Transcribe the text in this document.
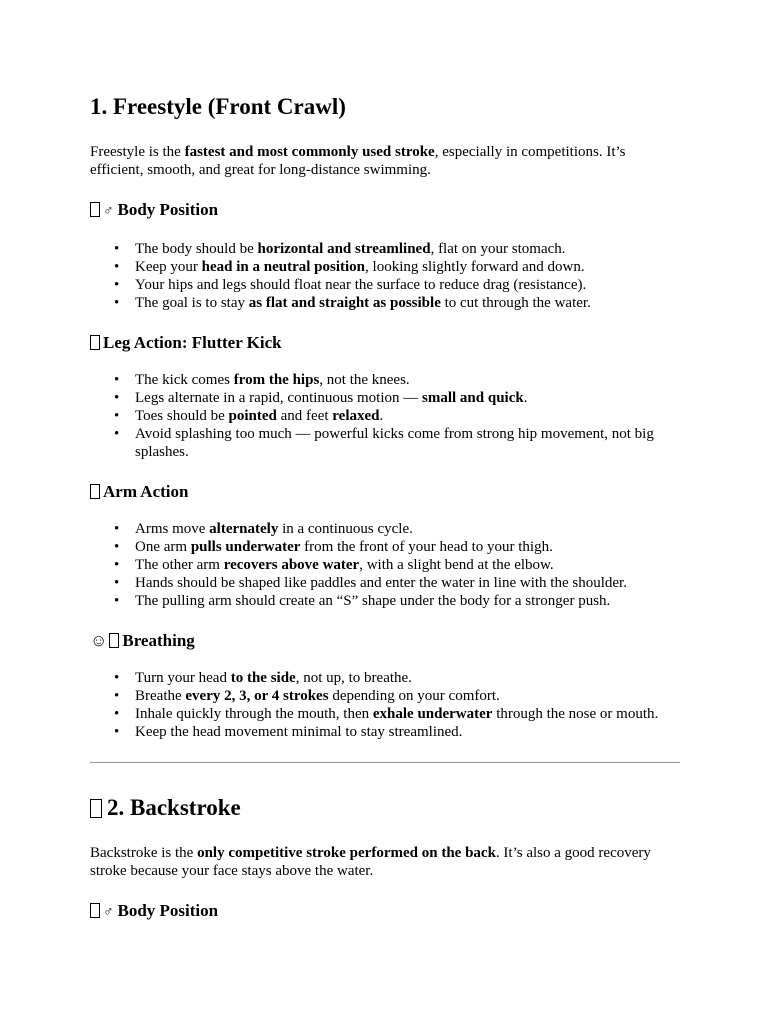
1. Freestyle (Front Crawl)

Freestyle is the fastest and most commonly used stroke, especially in competitions. It’s efficient, smooth, and great for long-distance swimming.

♂ Body Position
• The body should be horizontal and streamlined, flat on your stomach.
• Keep your head in a neutral position, looking slightly forward and down.
• Your hips and legs should float near the surface to reduce drag (resistance).
• The goal is to stay as flat and straight as possible to cut through the water.
Leg Action: Flutter Kick
• The kick comes from the hips, not the knees.
• Legs alternate in a rapid, continuous motion — small and quick.
• Toes should be pointed and feet relaxed.
• Avoid splashing too much — powerful kicks come from strong hip movement, not big splashes.
Arm Action
• Arms move alternately in a continuous cycle.
• One arm pulls underwater from the front of your head to your thigh.
• The other arm recovers above water, with a slight bend at the elbow.
• Hands should be shaped like paddles and enter the water in line with the shoulder.
• The pulling arm should create an “S” shape under the body for a stronger push.
☺ Breathing
• Turn your head to the side, not up, to breathe.
• Breathe every 2, 3, or 4 strokes depending on your comfort.
• Inhale quickly through the mouth, then exhale underwater through the nose or mouth.
• Keep the head movement minimal to stay streamlined.
2. Backstroke

Backstroke is the only competitive stroke performed on the back. It’s also a good recovery stroke because your face stays above the water.

♂ Body Position
